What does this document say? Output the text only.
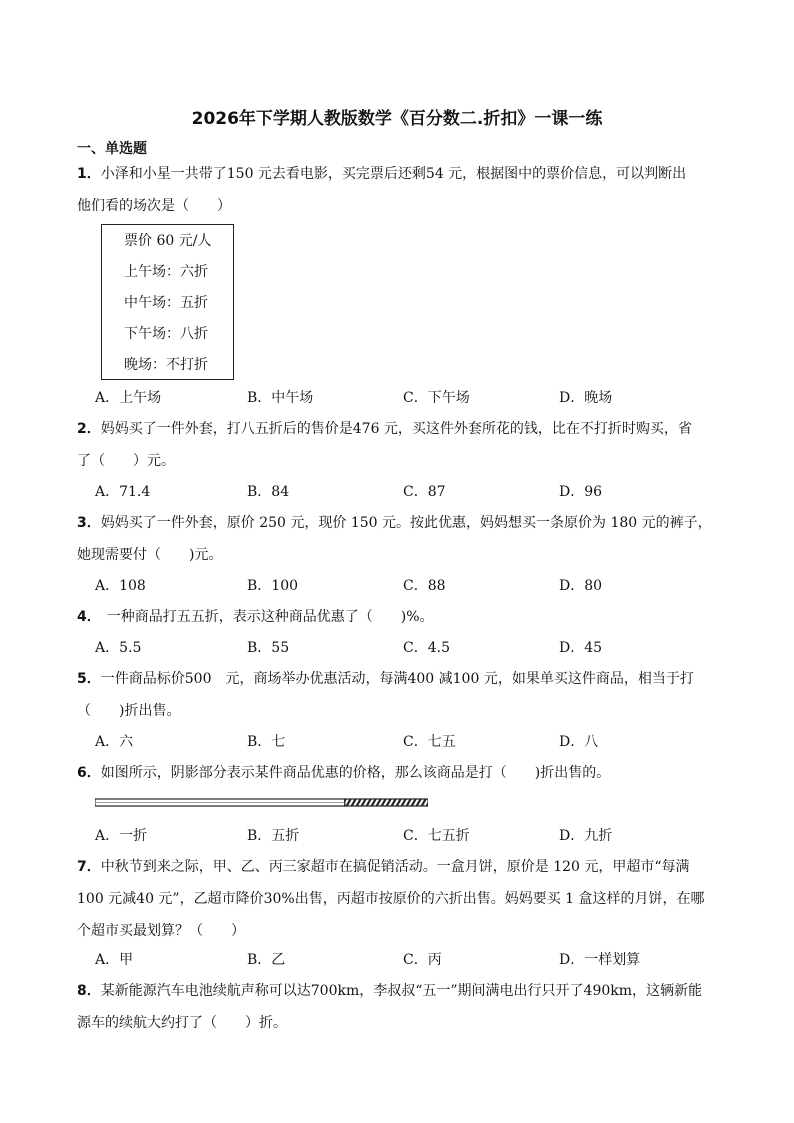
2026年下学期人教版数学《百分数二.折扣》一课一练
一、单选题
1．小泽和小星一共带了150 元去看电影，买完票后还剩54 元，根据图中的票价信息，可以判断出
他们看的场次是（　　）
票价 60 元/人
上午场：六折
中午场：五折
下午场：八折
晚场：不打折
A．上午场	B．中午场	C．下午场	D．晚场
2．妈妈买了一件外套，打八五折后的售价是476 元，买这件外套所花的钱，比在不打折时购买，省
了（　　）元。
A．71.4	B．84	C．87	D．96
3．妈妈买了一件外套，原价 250 元，现价 150 元。按此优惠，妈妈想买一条原价为 180 元的裤子，
她现需要付（　　)元。
A．108	B．100	C．88	D．80
4． 一种商品打五五折，表示这种商品优惠了（　　)%。
A．5.5	B．55	C．4.5	D．45
5．一件商品标价500　元，商场举办优惠活动，每满400 减100 元，如果单买这件商品，相当于打
（　　)折出售。
A．六	B．七	C．七五	D．八
6．如图所示，阴影部分表示某件商品优惠的价格，那么该商品是打（　　)折出售的。
A．一折	B．五折	C．七五折	D．九折
7．中秋节到来之际，甲、乙、丙三家超市在搞促销活动。一盒月饼，原价是 120 元，甲超市“每满
100 元减40 元”，乙超市降价30%出售，丙超市按原价的六折出售。妈妈要买 1 盒这样的月饼，在哪
个超市买最划算？（　　）
A．甲	B．乙	C．丙	D．一样划算
8．某新能源汽车电池续航声称可以达700km，李叔叔“五一”期间满电出行只开了490km，这辆新能
源车的续航大约打了（　　）折。
